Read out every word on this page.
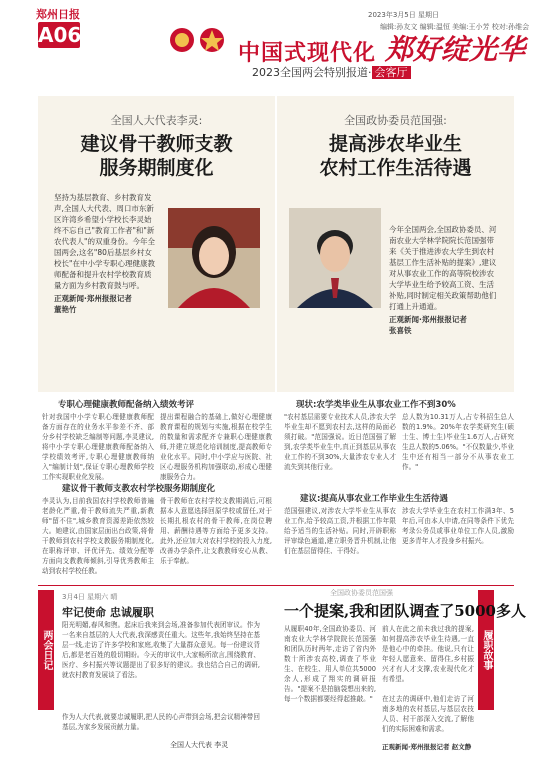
郑州日报
A06
2023年3月5日 星期日
编辑:孙友文 编辑:温恒 美编:王小芳 校对:孙维会
中国式现代化 郑好绽光华
2023全国两会特别报道· 会客厅
全国人大代表李灵:
建议骨干教师支教
服务期制度化
坚持为基层教育、乡村教育发声,全国人大代表、周口市东新区许湾乡希望小学校长李灵始终不忘自己"教育工作者"和"新农代表人"的双重身份。今年全国两会,这名"80后基层乡村女校长"在中小学专职心理健康教师配备和提升农村学校教育质量方面为乡村教育鼓与呼。
正观新闻·郑州报报记者
董艳竹
全国政协委员范国强:
提高涉农毕业生
农村工作生活待遇
今年全国两会,全国政协委员、河南农业大学林学院院长范国强带来《关于推进涉农大学生到农村基层工作生活补贴的提案》,建议对从事农业工作的高等院校涉农大学毕业生给予较高工资、生活补贴,同时制定相关政策帮助他们打通上升通道。
正观新闻·郑州报报记者
张喜铁
专职心理健康教师配备纳入绩效考评
针对我国中小学专职心理健康教师配备方面存在的业务水平参差不齐、部分乡村学校缺乏编制等问题,李灵建议,将中小学专职心理健康教师配备纳入学校绩效考评,专职心理健康教师纳入"编制计划",保证专职心理教师学校工作实现职业化发展。
提出课程融合的基础上,做好心理健康教育课程的规划与实施,根据在校学生的数量和需求配齐专兼职心理健康教师,并建立规范化培训制度,提高教师专业化水平。同时,中小学应与医院、社区心理服务机构加强联动,形成心理健康服务合力。
建议骨干教师支教农村学校服务期制度化
李灵认为,目前我国农村学校教师普遍老龄化严重,骨干教师流失严重,新教师"留不住",城乡教育资源差距依然较大。她建议,由国家层面出台政策,将骨干教师到农村学校支教服务期制度化,在职称评审、评优评先、绩效分配等方面向支教教师倾斜,引导优秀教师主动到农村学校任教。
骨干教师在农村学校支教期满后,可根据本人意愿选择回原学校或留任,对于长期扎根农村的骨干教师,在岗位聘用、薪酬待遇等方面给予更多支持。此外,还应加大对农村学校的投入力度,改善办学条件,让支教教师安心从教、乐于奉献。
现状:农学类毕业生从事农业工作不到30%
"农村基层需要专业技术人员,涉农大学毕业生却不愿到农村去,这样的局面必须打破。"范国强说。近日范国强了解到,农学类毕业生中,真正到基层从事农业工作的不到30%,大量涉农专业人才流失到其他行业。
总人数为10.31万人,占专科招生总人数的1.9%。20%年农学类研究生(硕士生、博士生)毕业生1.6万人,占研究生总人数的5.06%。"不仅数量少,毕业生中还有相当一部分不从事农业工作。"
建议:提高从事农业工作毕业生生活待遇
范国强建议,对涉农大学毕业生从事农业工作,给予较高工资,并根据工作年限给予适当的生活补贴。同时,开辟职称评审绿色通道,建立职务晋升机制,让他们在基层留得住、干得好。
涉农大学毕业生在农村工作满3年、5年后,可由本人申请,在同等条件下优先考录公务员或事业单位工作人员,激励更多青年人才投身乡村振兴。
两会日记
3月4日 星期六 晴
牢记使命 忠诚履职
阳光明媚,春风和煦。起床后我来到会场,准备参加代表团审议。作为一名来自基层的人大代表,我深感责任重大。这些年,我始终坚持在基层一线,走访了许多学校和家庭,收集了大量群众意见。每一份建议背后,都是老百姓的殷切期盼。今天的审议中,大家畅所欲言,围绕教育、医疗、乡村振兴等议题提出了很多好的建议。我也结合自己的调研,就农村教育发展谈了看法。
作为人大代表,就要忠诚履职,把人民的心声带到会场,把会议精神带回基层,为家乡发展贡献力量。
全国人大代表 李灵
履职故事
全国政协委员范国强
一个提案,我和团队调查了5000多人
从履职40年,全国政协委员、河南农业大学林学院院长范国强和团队历时两年,走访了省内外数十所涉农高校,调查了毕业生、在校生、用人单位共5000余人,形成了翔实的调研报告。"提案不是拍脑袋想出来的,每一个数据都要经得起推敲。"
前人在此之前未我过我的提案,如何提高涉农毕业生待遇,一直是他心中的牵挂。他说,只有让年轻人愿意来、留得住,乡村振兴才有人才支撑,农业现代化才有希望。
在过去的调研中,他们走访了河南多地的农村基层,与基层农技人员、村干部深入交流,了解他们的实际困难和需求。
正观新闻·郑州报报记者 赵文静
